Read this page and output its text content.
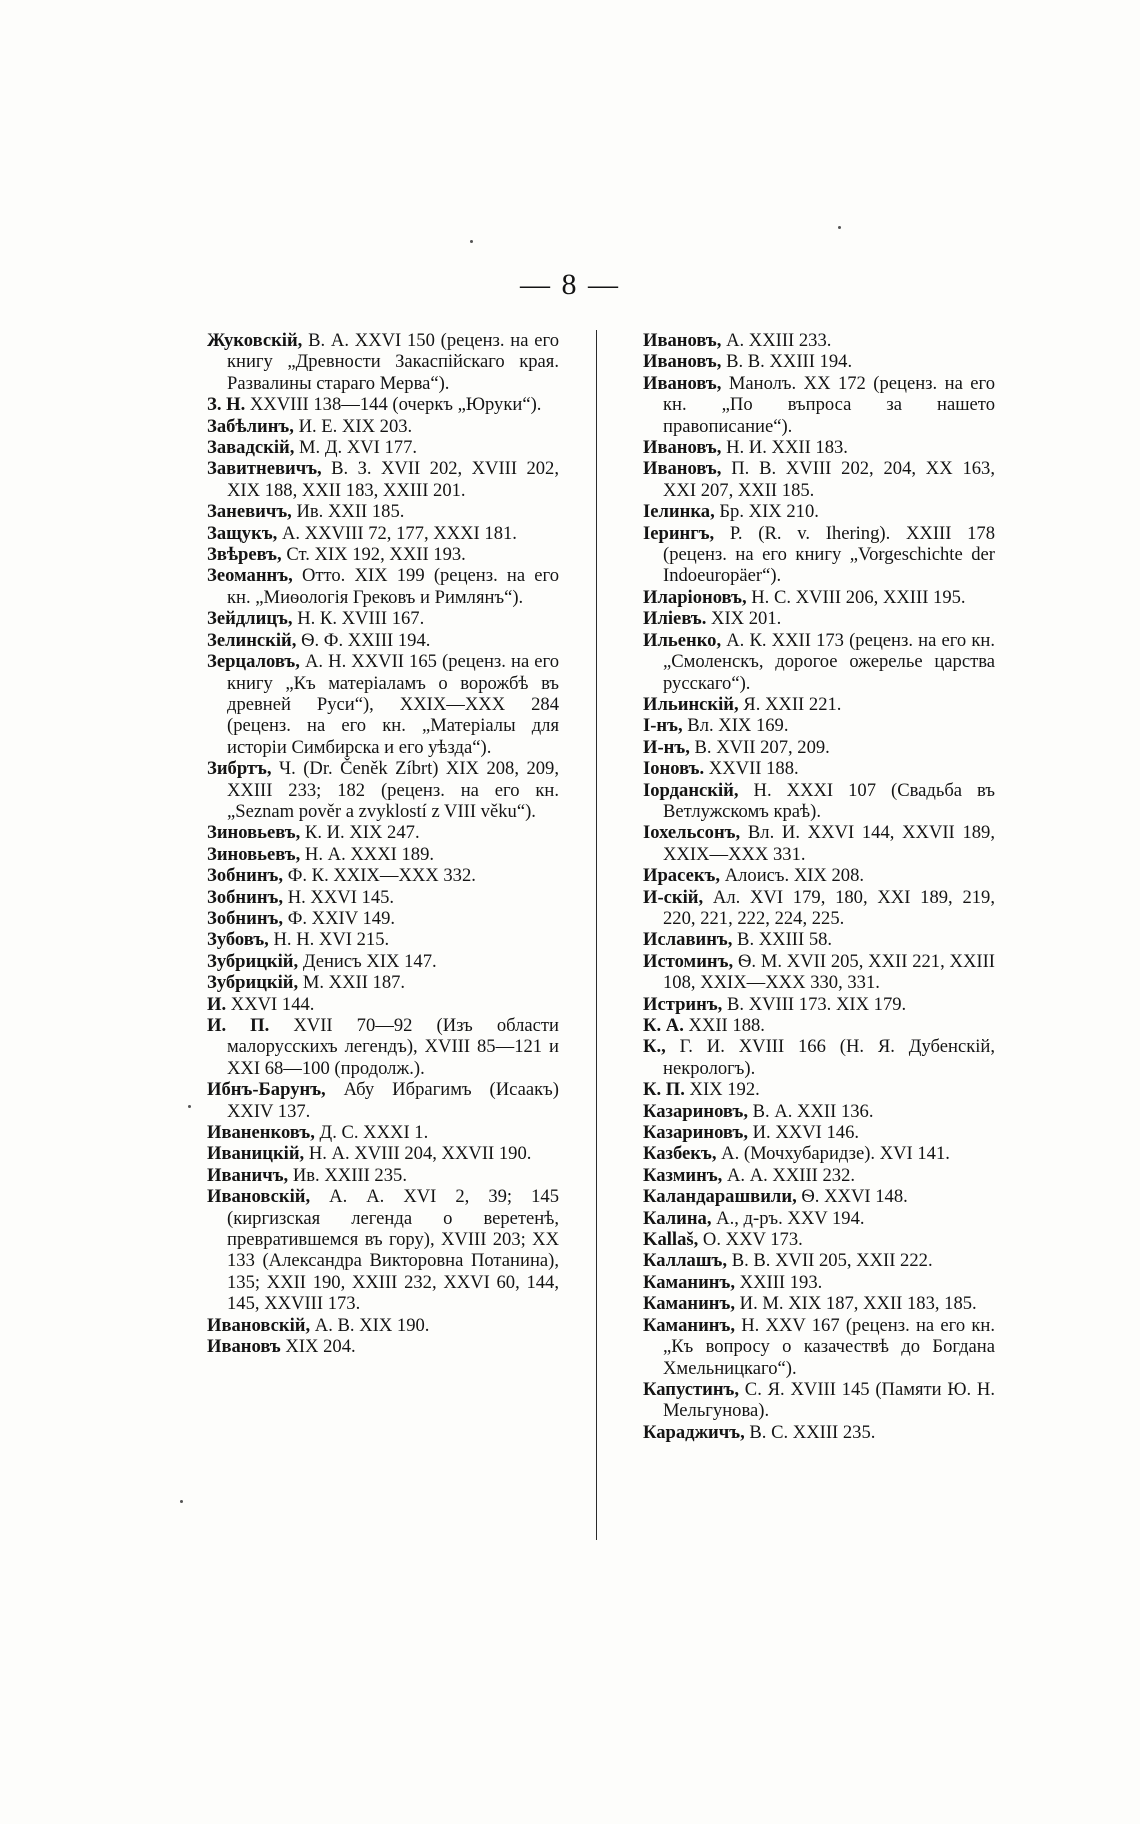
— 8 —

Жуковскій, В. А. XXVI 150 (реценз. на его книгу „Древности Закаспійскаго края. Развалины стараго Мерва“).

З. Н. XXVIII 138—144 (очеркъ „Юруки“).

Забѣлинъ, И. Е. XIX 203.

Завадскій, М. Д. XVI 177.

Завитневичъ, В. З. XVII 202, XVIII 202, XIX 188, XXII 183, XXIII 201.

Заневичъ, Ив. XXII 185.

Защукъ, А. XXVIII 72, 177, XXXI 181.

Звѣревъ, Ст. XIX 192, XXII 193.

Зеоманнъ, Отто. XIX 199 (реценз. на его кн. „Миѳологія Грековъ и Римлянъ“).

Зейдлицъ, Н. К. XVIII 167.

Зелинскій, Ѳ. Ф. XXIII 194.

Зерцаловъ, А. Н. XXVII 165 (реценз. на его книгу „Къ матеріаламъ о ворожбѣ въ древней Руси“), XXIX—XXX 284 (реценз. на его кн. „Матеріалы для исторіи Симбирска и его уѣзда“).

Зибртъ, Ч. (Dr. Čeněk Zíbrt) XIX 208, 209, XXIII 233; 182 (реценз. на его кн. „Seznam pověr a zvyklostí z VIII věku“).

Зиновьевъ, К. И. XIX 247.

Зиновьевъ, Н. А. XXXI 189.

Зобнинъ, Ф. К. XXIX—XXX 332.

Зобнинъ, Н. XXVI 145.

Зобнинъ, Ф. XXIV 149.

Зубовъ, Н. Н. XVI 215.

Зубрицкій, Денисъ XIX 147.

Зубрицкій, М. XXII 187.

И. XXVI 144.

И. П. XVII 70—92 (Изъ области малорусскихъ легендъ), XVIII 85—121 и XXI 68—100 (продолж.).

Ибнъ-Барунъ, Абу Ибрагимъ (Исаакъ) XXIV 137.

Иваненковъ, Д. С. XXXI 1.

Иваницкій, Н. А. XVIII 204, XXVII 190.

Иваничъ, Ив. XXIII 235.

Ивановскій, А. А. XVI 2, 39; 145 (киргизская легенда о веретенѣ, превратившемся въ гору), XVIII 203; XX 133 (Александра Викторовна Потанина), 135; XXII 190, XXIII 232, XXVI 60, 144, 145, XXVIII 173.

Ивановскій, А. В. XIX 190.

Ивановъ XIX 204.

Ивановъ, А. XXIII 233.

Ивановъ, В. В. XXIII 194.

Ивановъ, Манолъ. XX 172 (реценз. на его кн. „По въпроса за нашето правописание“).

Ивановъ, Н. И. XXII 183.

Ивановъ, П. В. XVIII 202, 204, XX 163, XXI 207, XXII 185.

Іелинка, Бр. XIX 210.

Іерингъ, Р. (R. v. Ihering). XXIII 178 (реценз. на его книгу „Vorgeschichte der Indoeuropäer“).

Иларіоновъ, Н. С. XVIII 206, XXIII 195.

Иліевъ. XIX 201.

Ильенко, А. К. XXII 173 (реценз. на его кн. „Смоленскъ, дорогое ожерелье царства русскаго“).

Ильинскій, Я. XXII 221.

І-нъ, Вл. XIX 169.

И-нъ, В. XVII 207, 209.

Іоновъ. XXVII 188.

Іорданскій, Н. XXXI 107 (Свадьба въ Ветлужскомъ краѣ).

Іохельсонъ, Вл. И. XXVI 144, XXVII 189, XXIX—XXX 331.

Ирасекъ, Алоисъ. XIX 208.

И-скій, Ал. XVI 179, 180, XXI 189, 219, 220, 221, 222, 224, 225.

Иславинъ, В. XXIII 58.

Истоминъ, Ѳ. М. XVII 205, XXII 221, XXIII 108, XXIX—XXX 330, 331.

Истринъ, В. XVIII 173. XIX 179.

К. А. XXII 188.

К., Г. И. XVIII 166 (Н. Я. Дубенскій, некрологъ).

К. П. XIX 192.

Казариновъ, В. А. XXII 136.

Казариновъ, И. XXVI 146.

Казбекъ, А. (Мочхубаридзе). XVI 141.

Казминъ, А. А. XXIII 232.

Каландарашвили, Ѳ. XXVI 148.

Калина, А., д-ръ. XXV 194.

Kallaš, О. XXV 173.

Каллашъ, В. В. XVII 205, XXII 222.

Каманинъ, XXIII 193.

Каманинъ, И. М. XIX 187, XXII 183, 185.

Каманинъ, Н. XXV 167 (реценз. на его кн. „Къ вопросу о казачествѣ до Богдана Хмельницкаго“).

Капустинъ, С. Я. XVIII 145 (Памяти Ю. Н. Мельгунова).

Караджичъ, В. С. XXIII 235.
